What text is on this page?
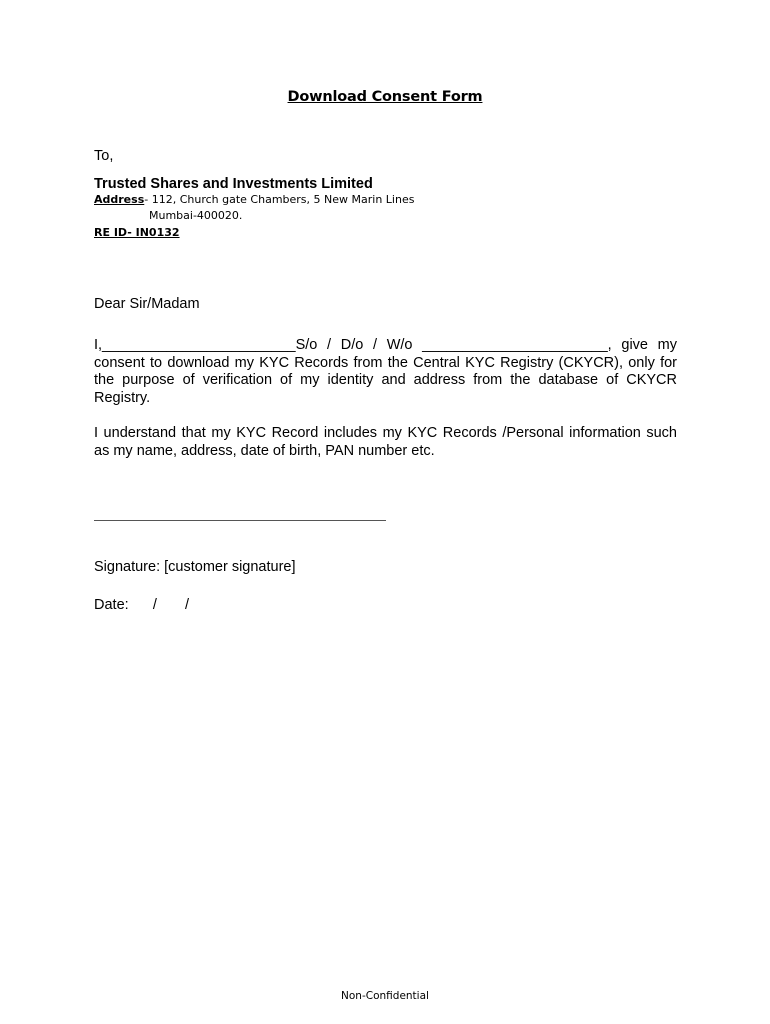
Download Consent Form
To,
Trusted Shares and Investments Limited
Address- 112, Church gate Chambers, 5 New Marin Lines
Mumbai-400020.
RE ID- IN0132
Dear Sir/Madam
I,________________________S/o / D/o / W/o _______________________, give my consent to download my KYC Records from the Central KYC Registry (CKYCR), only for the purpose of verification of my identity and address from the database of CKYCR Registry.
I understand that my KYC Record includes my KYC Records /Personal information such as my name, address, date of birth, PAN number etc.
Signature: [customer signature]
Date:      /       /
Non-Confidential
